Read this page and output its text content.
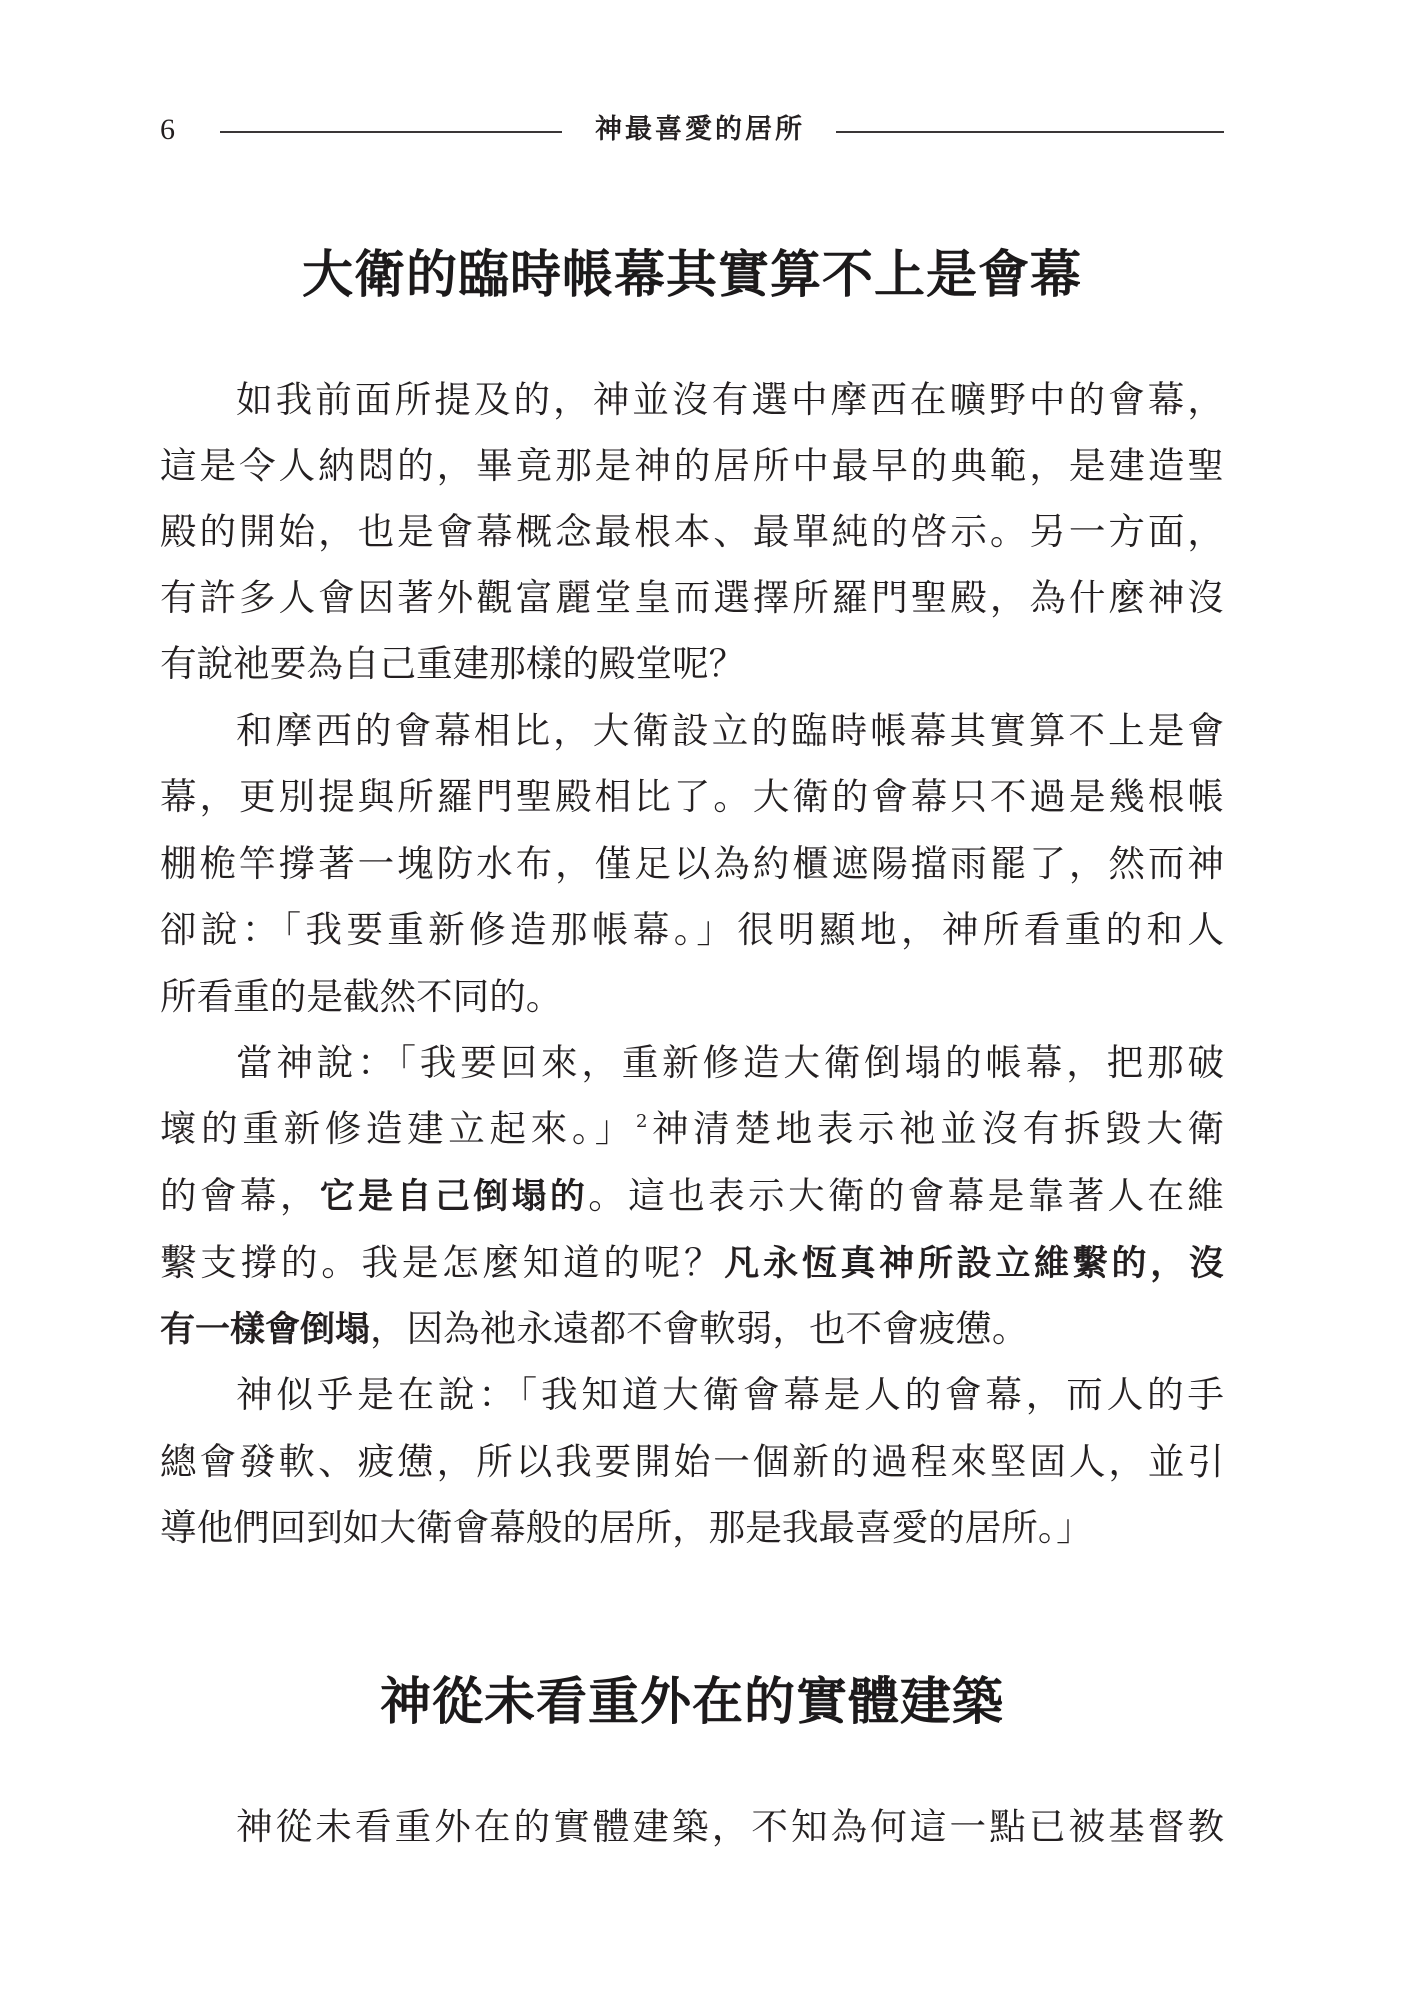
6	神最喜愛的居所
大衛的臨時帳幕其實算不上是會幕

如我前面所提及的，神並沒有選中摩西在曠野中的會幕，

這是令人納悶的，畢竟那是神的居所中最早的典範，是建造聖

殿的開始，也是會幕概念最根本、最單純的啓示。另一方面，

有許多人會因著外觀富麗堂皇而選擇所羅門聖殿，為什麼神沒

有說祂要為自己重建那樣的殿堂呢？

和摩西的會幕相比，大衛設立的臨時帳幕其實算不上是會

幕，更別提與所羅門聖殿相比了。大衛的會幕只不過是幾根帳

棚桅竿撐著一塊防水布，僅足以為約櫃遮陽擋雨罷了，然而神

卻說：「我要重新修造那帳幕。」很明顯地，神所看重的和人

所看重的是截然不同的。

當神說：「我要回來，重新修造大衛倒塌的帳幕，把那破

壞的重新修造建立起來。」$^2$神清楚地表示祂並沒有拆毀大衛

的會幕，它是自己倒塌的。這也表示大衛的會幕是靠著人在維

繫支撐的。我是怎麼知道的呢？凡永恆真神所設立維繫的，沒

有一樣會倒塌，因為祂永遠都不會軟弱，也不會疲憊。

神似乎是在說：「我知道大衛會幕是人的會幕，而人的手

總會發軟、疲憊，所以我要開始一個新的過程來堅固人，並引

導他們回到如大衛會幕般的居所，那是我最喜愛的居所。」

神從未看重外在的實體建築

神從未看重外在的實體建築，不知為何這一點已被基督教
